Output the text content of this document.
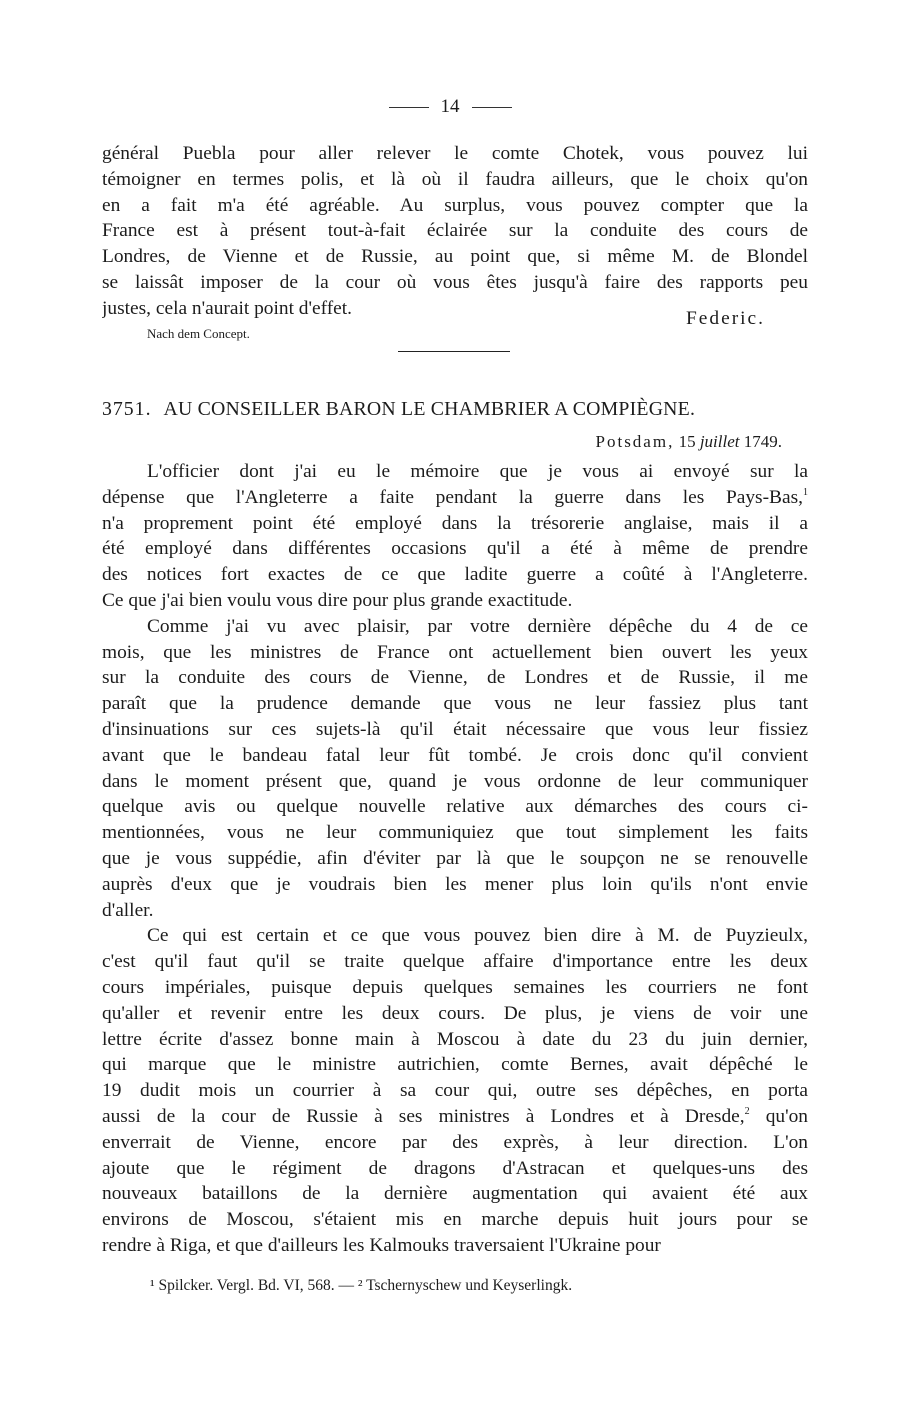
14
général Puebla pour aller relever le comte Chotek, vous pouvez lui
témoigner en termes polis, et là où il faudra ailleurs, que le choix qu'on
en a fait m'a été agréable. Au surplus, vous pouvez compter que la
France est à présent tout-à-fait éclairée sur la conduite des cours de
Londres, de Vienne et de Russie, au point que, si même M. de Blondel
se laissât imposer de la cour où vous êtes jusqu'à faire des rapports peu
justes, cela n'aurait point d'effet.	Federic.
Nach dem Concept.
3751. AU CONSEILLER BARON LE CHAMBRIER A COMPIÈGNE.
Potsdam, 15 juillet 1749.
L'officier dont j'ai eu le mémoire que je vous ai envoyé sur la
dépense que l'Angleterre a faite pendant la guerre dans les Pays-Bas,$^1$
n'a proprement point été employé dans la trésorerie anglaise, mais il a
été employé dans différentes occasions qu'il a été à même de prendre
des notices fort exactes de ce que ladite guerre a coûté à l'Angleterre.
Ce que j'ai bien voulu vous dire pour plus grande exactitude.
Comme j'ai vu avec plaisir, par votre dernière dépêche du 4 de ce
mois, que les ministres de France ont actuellement bien ouvert les yeux
sur la conduite des cours de Vienne, de Londres et de Russie, il me
paraît que la prudence demande que vous ne leur fassiez plus tant
d'insinuations sur ces sujets-là qu'il était nécessaire que vous leur fissiez
avant que le bandeau fatal leur fût tombé. Je crois donc qu'il convient
dans le moment présent que, quand je vous ordonne de leur communiquer
quelque avis ou quelque nouvelle relative aux démarches des cours ci-
mentionnées, vous ne leur communiquiez que tout simplement les faits
que je vous suppédie, afin d'éviter par là que le soupçon ne se renouvelle
auprès d'eux que je voudrais bien les mener plus loin qu'ils n'ont envie
d'aller.
Ce qui est certain et ce que vous pouvez bien dire à M. de Puyzieulx,
c'est qu'il faut qu'il se traite quelque affaire d'importance entre les deux
cours impériales, puisque depuis quelques semaines les courriers ne font
qu'aller et revenir entre les deux cours. De plus, je viens de voir une
lettre écrite d'assez bonne main à Moscou à date du 23 du juin dernier,
qui marque que le ministre autrichien, comte Bernes, avait dépêché le
19 dudit mois un courrier à sa cour qui, outre ses dépêches, en porta
aussi de la cour de Russie à ses ministres à Londres et à Dresde,$^2$ qu'on
enverrait de Vienne, encore par des exprès, à leur direction. L'on
ajoute que le régiment de dragons d'Astracan et quelques-uns des
nouveaux bataillons de la dernière augmentation qui avaient été aux
environs de Moscou, s'étaient mis en marche depuis huit jours pour se
rendre à Riga, et que d'ailleurs les Kalmouks traversaient l'Ukraine pour
¹ Spilcker. Vergl. Bd. VI, 568. — ² Tschernyschew und Keyserlingk.
